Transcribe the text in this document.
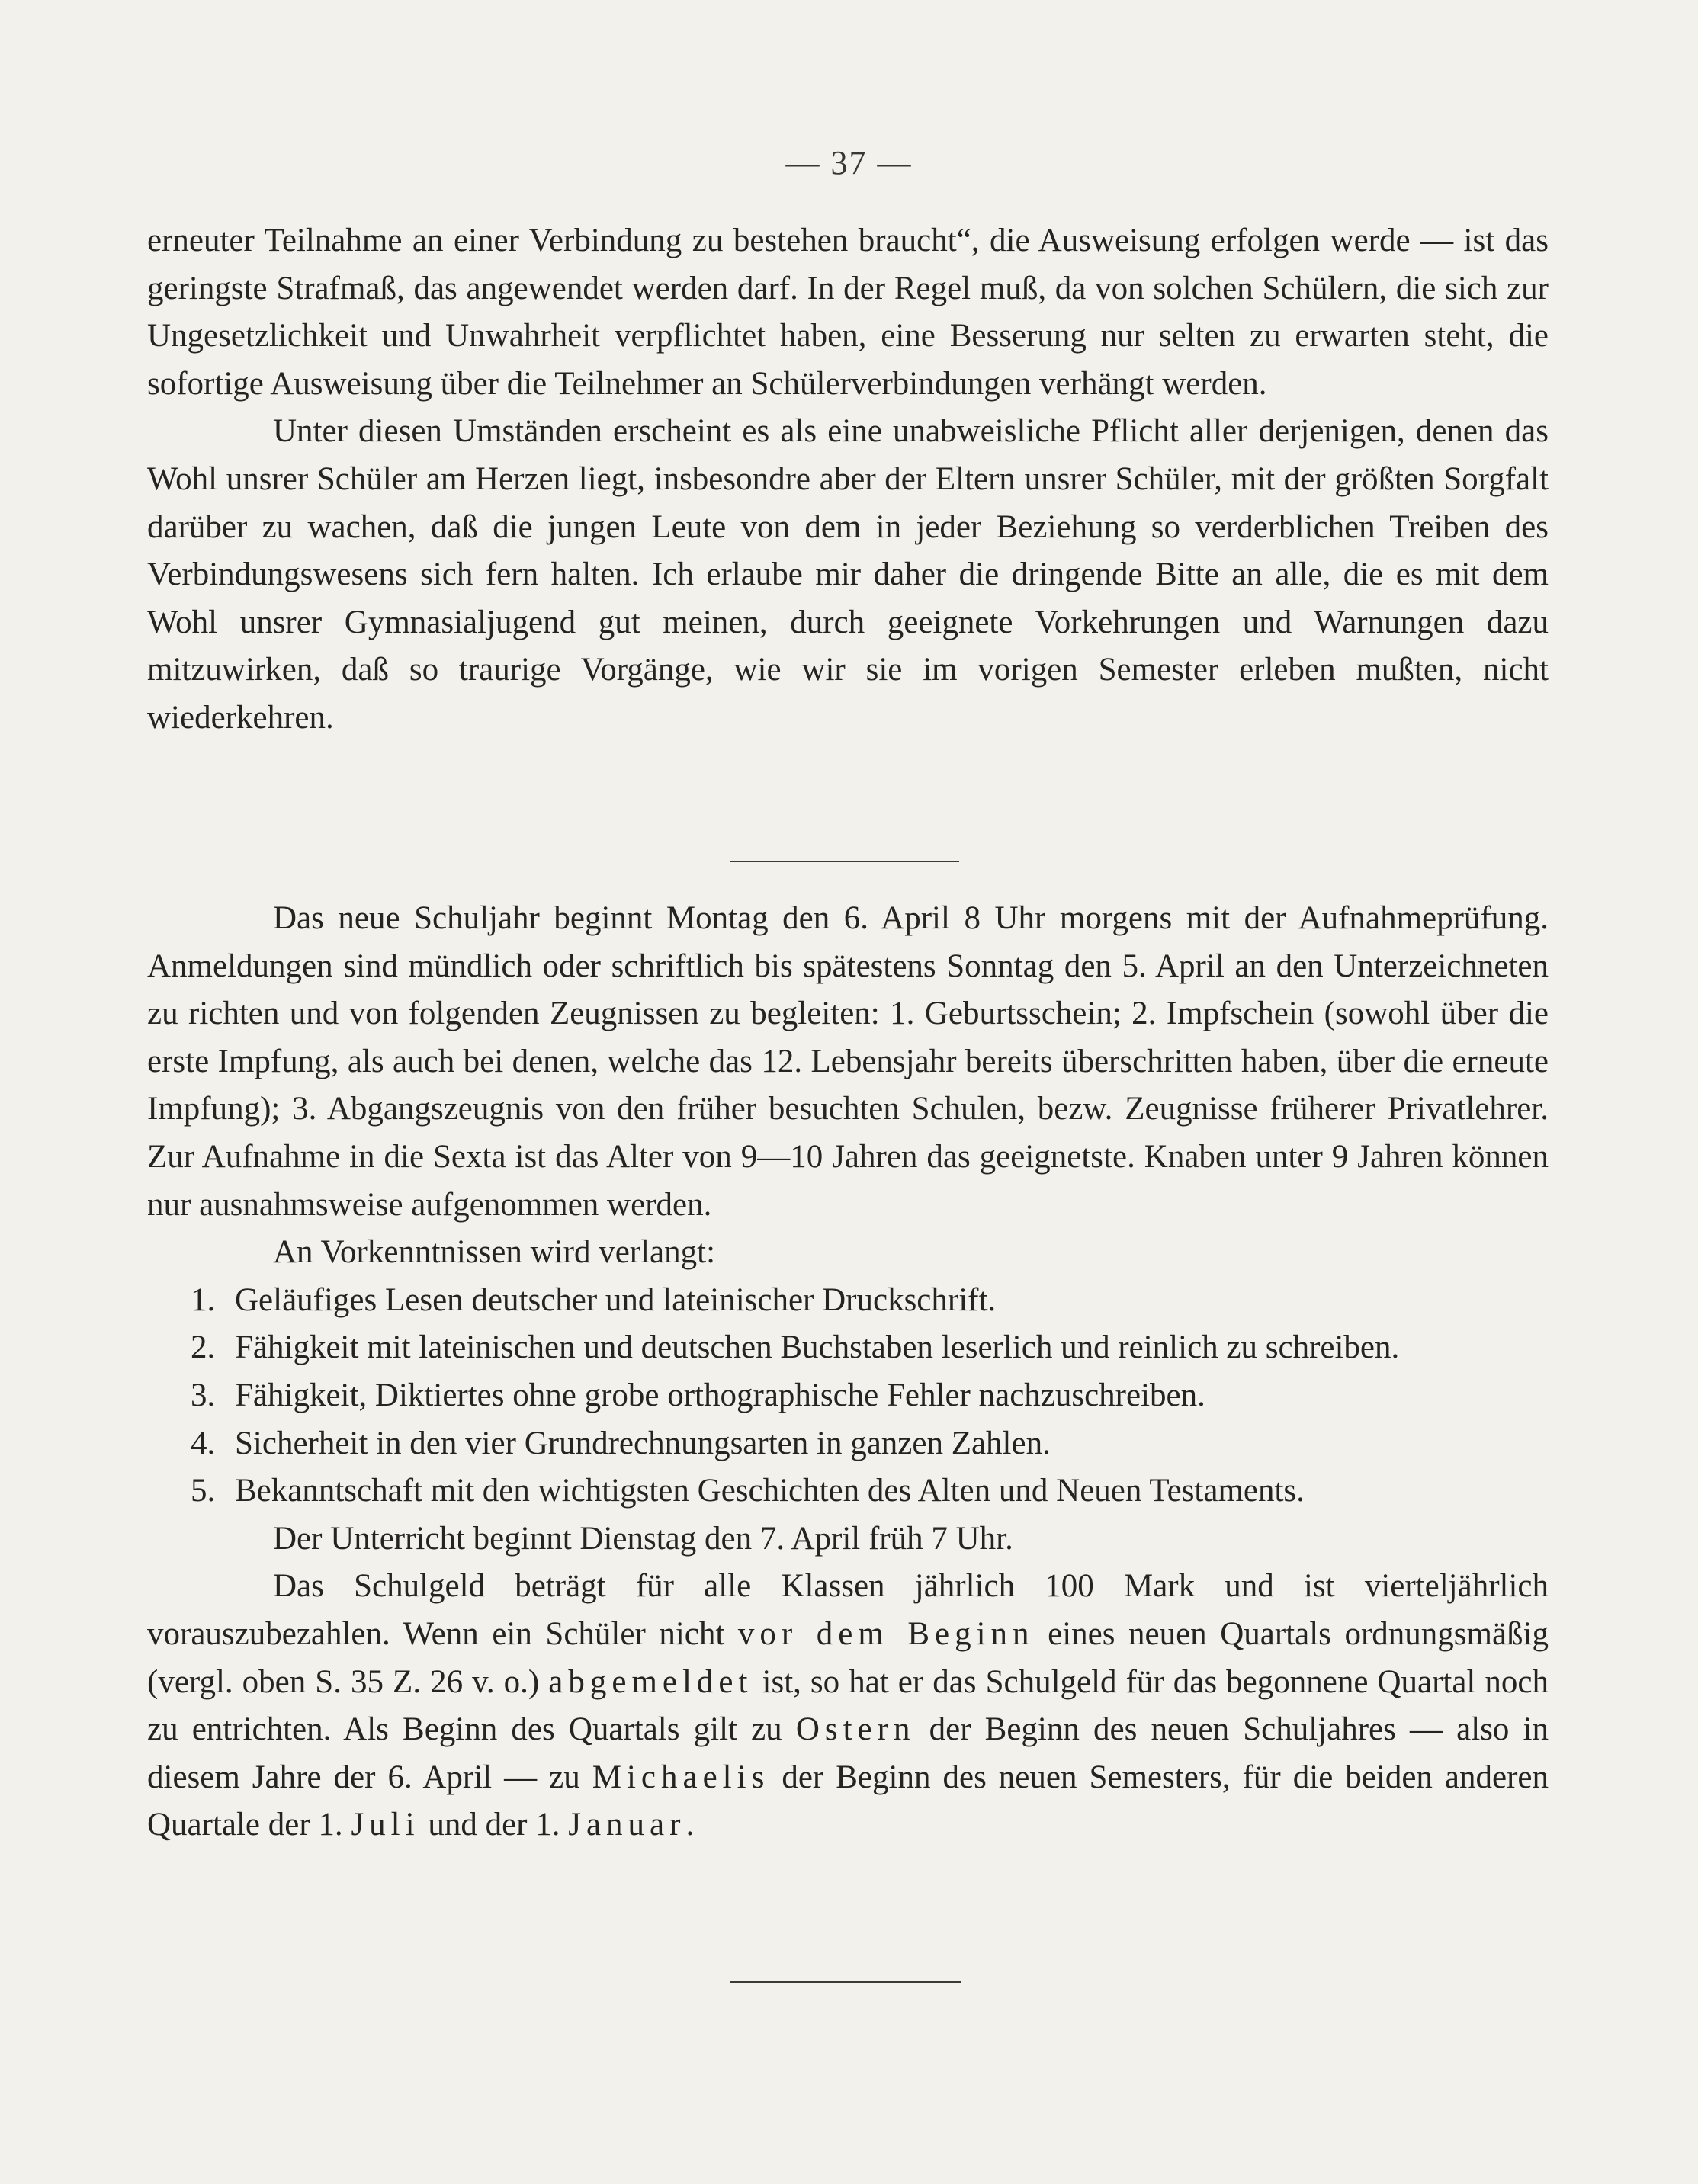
— 37 —

erneuter Teilnahme an einer Verbindung zu bestehen braucht“, die Ausweisung erfolgen werde — ist das geringste Strafmaß, das angewendet werden darf. In der Regel muß, da von solchen Schülern, die sich zur Ungesetzlichkeit und Unwahrheit verpflichtet haben, eine Besserung nur selten zu erwarten steht, die sofortige Ausweisung über die Teilnehmer an Schülerverbindungen verhängt werden.

Unter diesen Umständen erscheint es als eine unabweisliche Pflicht aller derjenigen, denen das Wohl unsrer Schüler am Herzen liegt, insbesondre aber der Eltern unsrer Schüler, mit der größten Sorgfalt darüber zu wachen, daß die jungen Leute von dem in jeder Beziehung so verderblichen Treiben des Verbindungswesens sich fern halten. Ich erlaube mir daher die dringende Bitte an alle, die es mit dem Wohl unsrer Gymnasialjugend gut meinen, durch geeignete Vorkehrungen und Warnungen dazu mitzuwirken, daß so traurige Vorgänge, wie wir sie im vorigen Semester erleben mußten, nicht wiederkehren.

Das neue Schuljahr beginnt Montag den 6. April 8 Uhr morgens mit der Aufnahmeprüfung. Anmeldungen sind mündlich oder schriftlich bis spätestens Sonntag den 5. April an den Unterzeichneten zu richten und von folgenden Zeugnissen zu begleiten: 1. Geburtsschein; 2. Impfschein (sowohl über die erste Impfung, als auch bei denen, welche das 12. Lebensjahr bereits überschritten haben, über die erneute Impfung); 3. Abgangszeugnis von den früher besuchten Schulen, bezw. Zeugnisse früherer Privatlehrer. Zur Aufnahme in die Sexta ist das Alter von 9—10 Jahren das geeignetste. Knaben unter 9 Jahren können nur ausnahmsweise aufgenommen werden.

An Vorkenntnissen wird verlangt:

1. Geläufiges Lesen deutscher und lateinischer Druckschrift.
2. Fähigkeit mit lateinischen und deutschen Buchstaben leserlich und reinlich zu schreiben.
3. Fähigkeit, Diktiertes ohne grobe orthographische Fehler nachzuschreiben.
4. Sicherheit in den vier Grundrechnungsarten in ganzen Zahlen.
5. Bekanntschaft mit den wichtigsten Geschichten des Alten und Neuen Testaments.

Der Unterricht beginnt Dienstag den 7. April früh 7 Uhr.

Das Schulgeld beträgt für alle Klassen jährlich 100 Mark und ist vierteljährlich vorauszubezahlen. Wenn ein Schüler nicht vor dem Beginn eines neuen Quartals ordnungsmäßig (vergl. oben S. 35 Z. 26 v. o.) abgemeldet ist, so hat er das Schulgeld für das begonnene Quartal noch zu entrichten. Als Beginn des Quartals gilt zu Ostern der Beginn des neuen Schuljahres — also in diesem Jahre der 6. April — zu Michaelis der Beginn des neuen Semesters, für die beiden anderen Quartale der 1. Juli und der 1. Januar.
